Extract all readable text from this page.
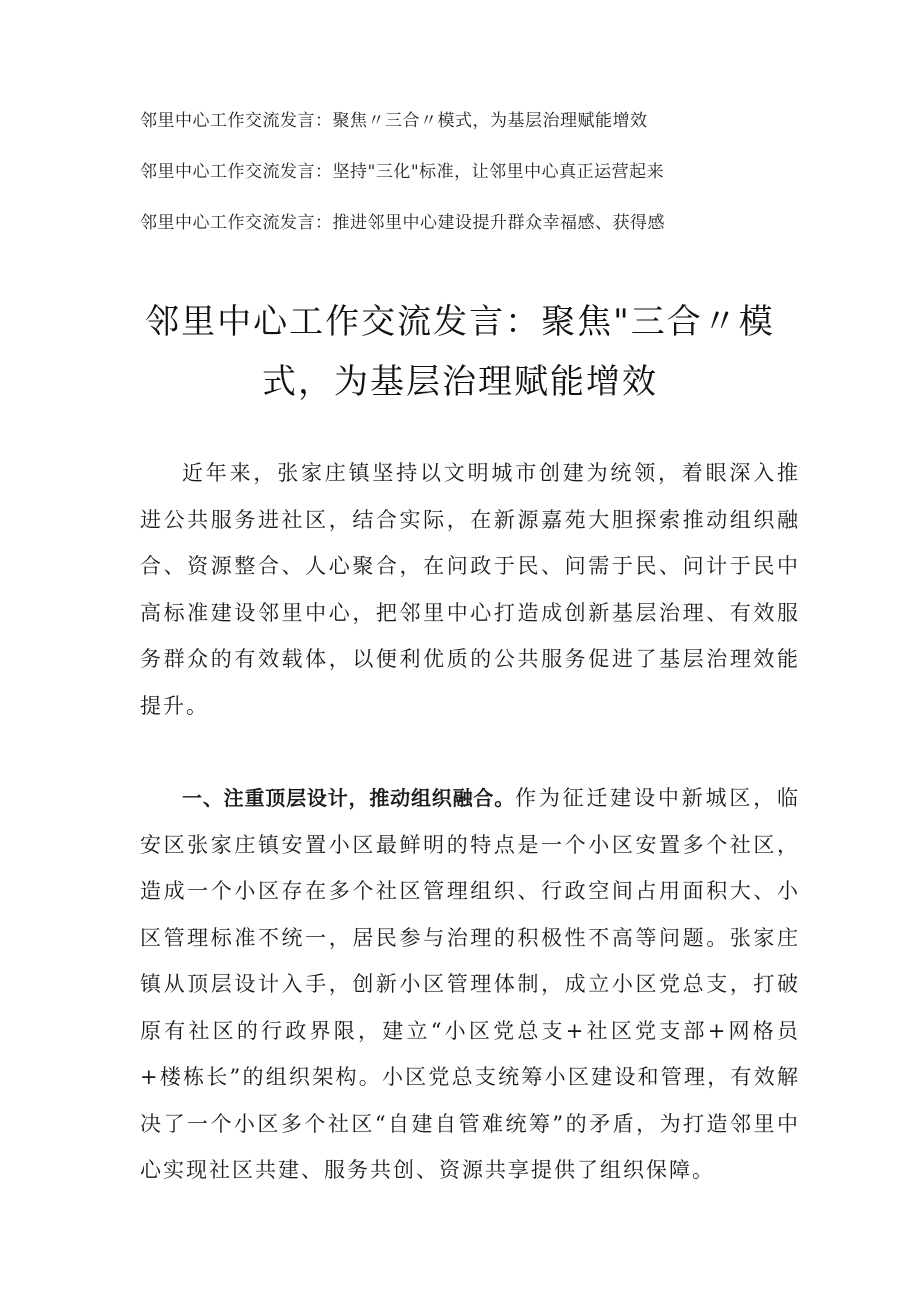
邻里中心工作交流发言：聚焦〃三合〃模式，为基层治理赋能增效
邻里中心工作交流发言：坚持"三化"标准，让邻里中心真正运营起来
邻里中心工作交流发言：推进邻里中心建设提升群众幸福感、获得感
邻里中心工作交流发言：聚焦"三合〃模
式，为基层治理赋能增效

近年来，张家庄镇坚持以文明城市创建为统领，着眼深入推进公共服务进社区，结合实际，在新源嘉苑大胆探索推动组织融合、资源整合、人心聚合，在问政于民、问需于民、问计于民中高标准建设邻里中心，把邻里中心打造成创新基层治理、有效服务群众的有效载体，以便利优质的公共服务促进了基层治理效能提升。

一、注重顶层设计，推动组织融合。作为征迁建设中新城区，临安区张家庄镇安置小区最鲜明的特点是一个小区安置多个社区，造成一个小区存在多个社区管理组织、行政空间占用面积大、小区管理标准不统一，居民参与治理的积极性不高等问题。张家庄镇从顶层设计入手，创新小区管理体制，成立小区党总支，打破原有社区的行政界限，建立“小区党总支+社区党支部+网格员+楼栋长”的组织架构。小区党总支统筹小区建设和管理，有效解决了一个小区多个社区“自建自管难统筹”的矛盾，为打造邻里中心实现社区共建、服务共创、资源共享提供了组织保障。
